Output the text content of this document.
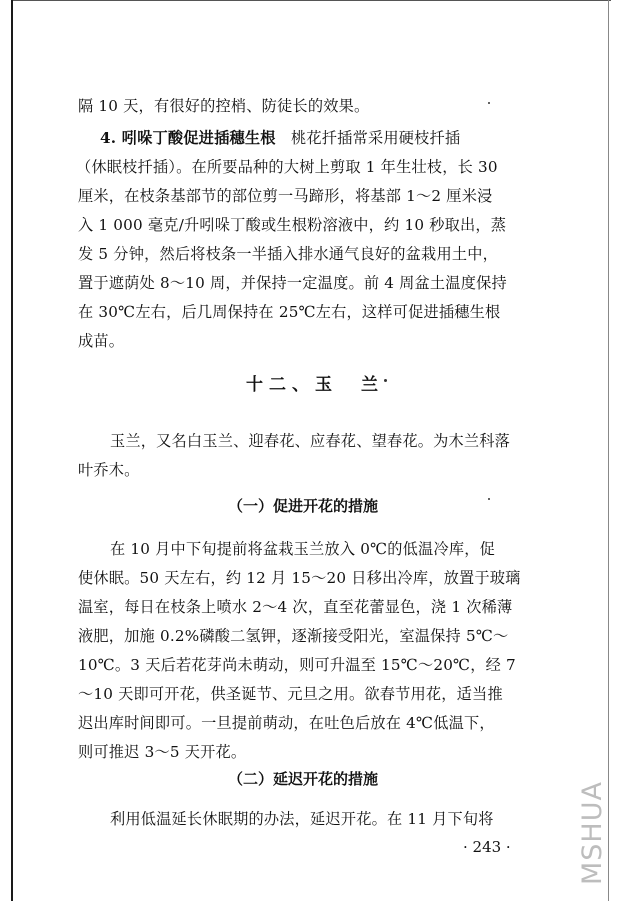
隔 10 天，有很好的控梢、防徒长的效果。
4. 吲哚丁酸促进插穗生根　 桃花扦插常采用硬枝扦插
（休眠枝扦插）。在所要品种的大树上剪取 1 年生壮枝，长 30
厘米，在枝条基部节的部位剪一马蹄形，将基部 1～2 厘米浸
入 1 000 毫克/升吲哚丁酸或生根粉溶液中，约 10 秒取出，蒸
发 5 分钟，然后将枝条一半插入排水通气良好的盆栽用土中，
置于遮荫处 8～10 周，并保持一定温度。前 4 周盆土温度保持
在 30℃左右，后几周保持在 25℃左右，这样可促进插穗生根
成苗。
十二、玉　兰
玉兰，又名白玉兰、迎春花、应春花、望春花。为木兰科落
叶乔木。
（一）促进开花的措施
在 10 月中下旬提前将盆栽玉兰放入 0℃的低温冷库，促
使休眠。50 天左右，约 12 月 15～20 日移出冷库，放置于玻璃
温室，每日在枝条上喷水 2～4 次，直至花蕾显色，浇 1 次稀薄
液肥，加施 0.2%磷酸二氢钾，逐渐接受阳光，室温保持 5℃～
10℃。3 天后若花芽尚未萌动，则可升温至 15℃～20℃，经 7
～10 天即可开花，供圣诞节、元旦之用。欲春节用花，适当推
迟出库时间即可。一旦提前萌动，在吐色后放在 4℃低温下，
则可推迟 3～5 天开花。
（二）延迟开花的措施
利用低温延长休眠期的办法，延迟开花。在 11 月下旬将
· 243 · MSHUA
